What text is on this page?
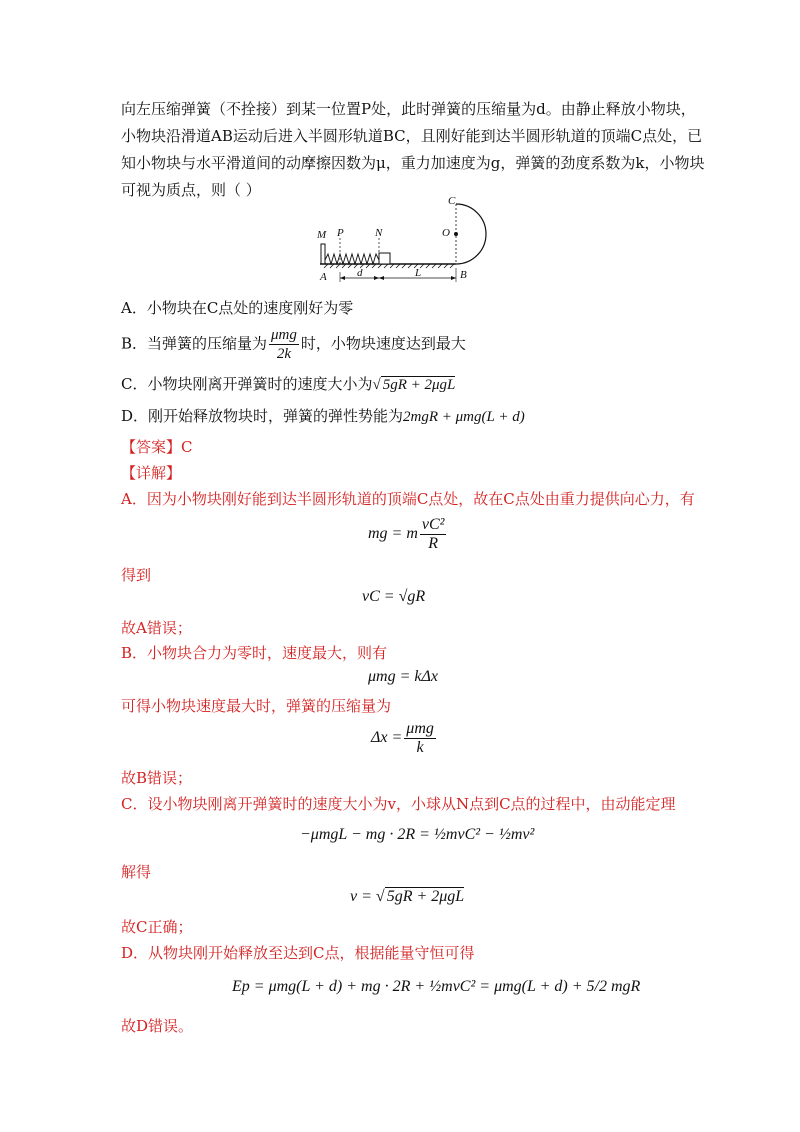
向左压缩弹簧（不拴接）到某一位置P处，此时弹簧的压缩量为d。由静止释放小物块，
小物块沿滑道AB运动后进入半圆形轨道BC，且刚好能到达半圆形轨道的顶端C点处，已
知小物块与水平滑道间的动摩擦因数为μ，重力加速度为g，弹簧的劲度系数为k，小物块
可视为质点，则（ ）
M P	N
C
O
A	B
d	L
A．小物块在C点处的速度刚好为零
B．当弹簧的压缩量为 $\frac{\text{μmg}}{2k}$ 时，小物块速度达到最大
C．小物块刚离开弹簧时的速度大小为√ 5gR + 2μgL
D．刚开始释放物块时，弹簧的弹性势能为2mgR + μmg(L + d)
【答案】C
【详解】
A．因为小物块刚好能到达半圆形轨道的顶端C点处，故在C点处由重力提供向心力，有
mg = m $\frac{\text{vC²}}{R}$
得到
vC = √gR
故A错误；
B．小物块合力为零时，速度最大，则有
μmg = kΔx
可得小物块速度最大时，弹簧的压缩量为
$\Delta x = \frac{\text{μmg}}{k}$
故B错误；
C．设小物块刚离开弹簧时的速度大小为v，小球从N点到C点的过程中，由动能定理
−μmgL − mg · 2R = ½mvC² − ½mv²
解得
v = √ 5gR + 2μgL
故C正确；
D．从物块刚开始释放至达到C点，根据能量守恒可得
Ep = μmg(L + d) + mg · 2R + ½mvC² = μmg(L + d) + 5/2 mgR
故D错误。
